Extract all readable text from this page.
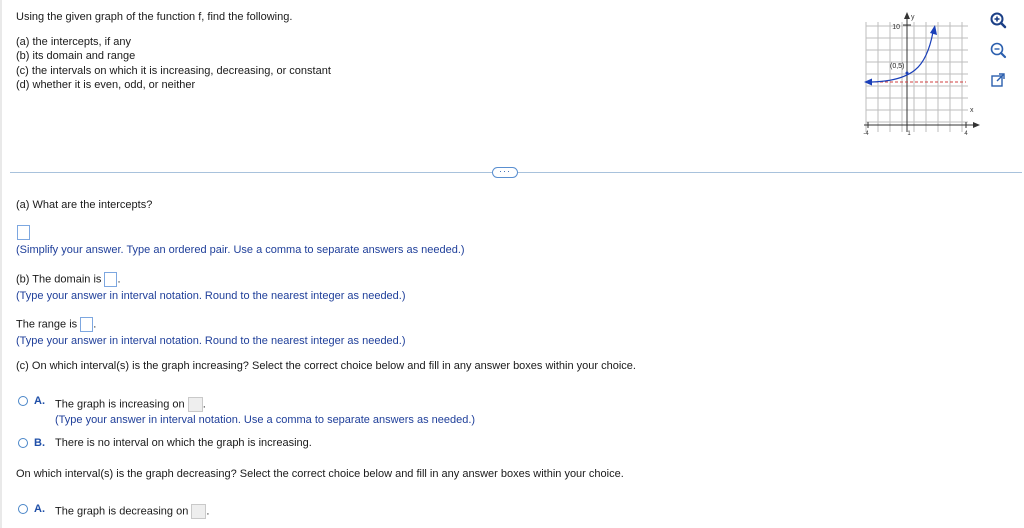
Using the given graph of the function f, find the following.
(a) the intercepts, if any
(b) its domain and range
(c) the intervals on which it is increasing, decreasing, or constant
(d) whether it is even, odd, or neither
10
(0,5)
y
x
-4	1	4
···
(a) What are the intercepts?
(Simplify your answer. Type an ordered pair. Use a comma to separate answers as needed.)
(b) The domain is .
(Type your answer in interval notation. Round to the nearest integer as needed.)
The range is .
(Type your answer in interval notation. Round to the nearest integer as needed.)
(c) On which interval(s) is the graph increasing? Select the correct choice below and fill in any answer boxes within your choice.
A. The graph is increasing on .
(Type your answer in interval notation. Use a comma to separate answers as needed.)
B. There is no interval on which the graph is increasing.
On which interval(s) is the graph decreasing? Select the correct choice below and fill in any answer boxes within your choice.
A. The graph is decreasing on .
